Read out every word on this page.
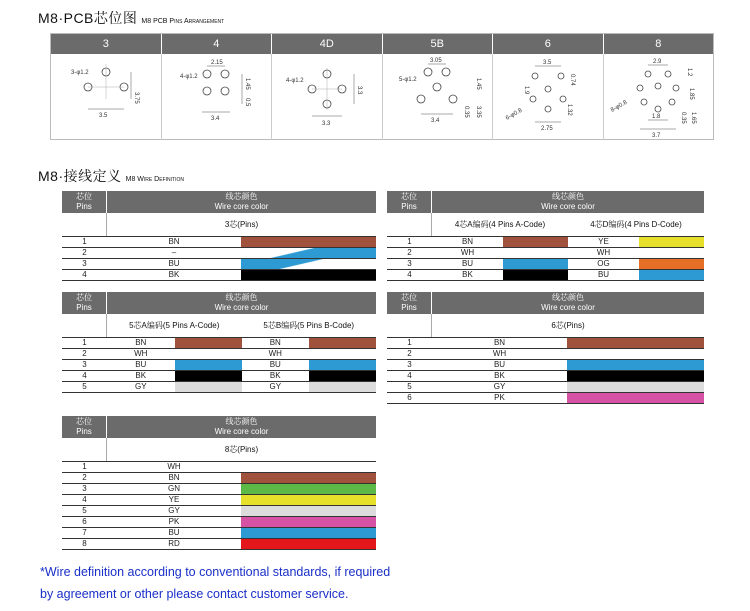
M8·PCB芯位图 M8 PCB Pins Arrangement
3	4	4D	5B	6	8
3-φ1.2
3.5
3.75
4-φ1.2
2.15
1.45
0.5
3.4
4-φ1.2
3.3
3.3
5-φ1.2
3.05
1.45
0.35
3.4
3.35
3.5
0.74
1.9
6-φ0.8	1.32
2.75
2.9
1.2
8-φ0.8
1.85
0.35
1.8
3.7
1.65
M8·接线定义 M8 Wire Definition
芯位
Pins
线芯颜色
Wire core color
3芯(Pins)
1	BN
2	–
3	BU
4	BK
芯位
Pins
线芯颜色
Wire core color
4芯A编码(4 Pins A-Code)	4芯D编码(4 Pins D-Code)
1	BN	YE
2	WH	WH
3	BU	OG
4	BK	BU
芯位
Pins
线芯颜色
Wire core color
5芯A编码(5 Pins A-Code)	5芯B编码(5 Pins B-Code)
1	BN	BN
2	WH	WH
3	BU	BU
4	BK	BK
5	GY	GY
芯位
Pins
线芯颜色
Wire core color
6芯(Pins)
1	BN
2	WH
3	BU
4	BK
5	GY
6	PK
芯位
Pins
线芯颜色
Wire core color
8芯(Pins)
1	WH
2	BN
3	GN
4	YE
5	GY
6	PK
7	BU
8	RD
*Wire definition according to conventional standards, if required
by agreement or other please contact customer service.
